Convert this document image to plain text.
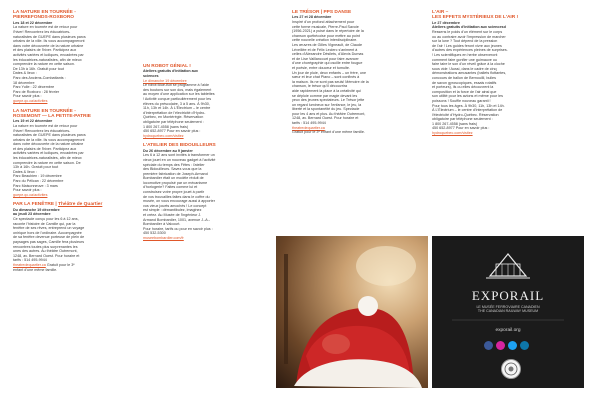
LA NATURE EN TOURNÉE -
PIERREFONDS-ROXBORO
Les 18 et 22 décembre
La nature en tournée est de retour pour
l'hiver! Rencontrez les éducatrices-
naturalistes de GUEPE dans plusieurs parcs
urbains de la ville. Ils vous accompagneront
dans votre découverte de la nature urbaine
et des plaisirs de l'hiver. Participez aux
activités variées et ludiques, encadrées par
les éducatrices-naturalistes, afin de mieux
comprendre la nature en cette saison.
De 13h à 16h. Gratuit pour tout
Dates & lieux :
Parc des Anciens-Combattants :
18 décembre
Parc Yulle : 22 décembre
Parc de Roxboro : 28 février
Pour savoir plus :
guepe.qc.ca/activites
LA NATURE EN TOURNÉE -
ROSEMONT — LA PETITE-PATRIE
Les 19 et 22 décembre
La nature en tournée est de retour pour
l'hiver! Rencontrez les éducatrices-
naturalistes de GUEPE dans plusieurs parcs
urbains de la ville. Ils vous accompagneront
dans votre découverte de la nature urbaine
et des plaisirs de l'hiver. Participez aux
activités variées et ludiques, encadrées par
les éducatrices-naturalistes, afin de mieux
comprendre la nature en cette saison. De
13h à 16h. Gratuit pour tout
Dates & lieux :
Parc Beaubien : 19 décembre
Parc du Pélican : 22 décembre
Parc Maisonneuve : 3 mars
Pour savoir plus :
guepe.qc.ca/activites
PAR LA FENÊTRE | Théâtre de Quartier
Du dimanche 19 décembre
au jeudi 23 décembre
Ce spectacle conçu pour les 6 à 12 ans,
raconte l'histoire de Camille qui, par la
fenêtre de ses rêves, entreprend un voyage
onirique hors de l'ordinaire. Accompagnée
de sa fenêtre devenue porteuse de plein de
paysages pas sages, Camille fera plusieurs
rencontres toutes plus surprenantes les
unes des autres. Au théâtre Outremont,
1248, av. Bernard Ouest. Pour horaire et
tarifs : 514 495-9944
theatredequartier.ca Gratuit pour le 3ᵉ
enfant d'une même famille.
UN ROBOT GÉNIAL !
Ateliers gratuits d'initiation aux
sciences
Le dimanche 19 décembre
Le robot Blue-Bot se programme à l'aide
des boutons sur son dos, mais également
au moyen d'une application sur les tablettes
! Activité conçue particulièrement pour les
élèves du préscolaire, 3 à 5 ans. À 9h30,
11h, 13h et 14h. À L'Électrium – le centre
d'interprétation de l'électricité d'Hydro-
Québec, en Montérégie. Réservation
obligatoire par téléphone seulement :
1 800 267-4558 (sans frais)
450 652-8977 Pour en savoir plus :
hydroquebec.com/visitez
L'ATELIER DES BIDOUILLEURS
Du 26 décembre au 9 janvier
Les 6 à 12 ans sont invités à transformer un
vieux jouet en un nouveau gadget à l'activité
spéciale du temps des Fêtes : l'atelier
des Bidouilleurs. Savez-vous que la
première fabrication de Joseph-Armand
Bombardier était un modèle réduit de
locomotive propulsé par un mécanisme
d'horlogerie? Faites comme lui et
construisez votre propre jouet à partir
de vos trouvailles faites dans le coffre du
musée, on vous encourage aussi à apporter
vos vieux jouets amochés ! Le concept
est simple : démantibulez, imaginez
et créez. Au Musée de l'ingénieur J.
Armand Bombardier, 1001, avenue J.-A.-
Bombardier à Valcourt.
Pour horaire, tarifs ou pour en savoir plus :
450 532-5300
museebombardier.com/fr
LE TRÉSOR | PPS DANSE
Les 27 et 28 décembre
Inspiré d'un profond attachement pour
cette forme musicale, Pierre-Paul Savoie
(1956-2021) a puisé dans le répertoire de la
chanson québécoise pour mettre au point
cette nouvelle création interdisciplinaire.
Les œuvres de Gilles Vigneault, de Claude
Léveillée et de Félix Leclerc s'animent à
celles d'Alexandre Désilets, d'Alexis Dumas
et de Lise Vaillancourt pour faire avancer
d'une chorégraphie qui oscille entre fougue
et poésie, entre douceur et tumulte.
Un jour de pluie, deux enfants – un frère, une
sœur et leur chat Piano – sont confinés à
la maison. Ils ne sont pas seuls! Mémoire de la
chanson, le trésor qu'il découvrira
aide rapidement la place à la créativité qui
se déploie comme par magie devant les
yeux des jeunes spectateurs. Le Trésor jette
un regard lumineux sur l'enfance, le jeu, la
liberté et la spontanéité du jeu. Spectacle
pour les 4 ans et plus. Au théâtre Outremont,
1248, av. Bernard Ouest. Pour horaire et
tarifs : 514 495-9944
theatredequartier.ca
Gratuit pour le 3ᵉ enfant d'une même famille.
L'AIR –
LES EFFETS MYSTÉRIEUX DE L'AIR !
Le 27 décembre
Ateliers gratuits d'initiation aux sciencesd
Ressens le poids d'un élément sur le corps
ou au contraire avoir l'impression de marcher
sur la lune ? Tout dépend de la pression
de l'air ! Les guides feront vivre aux jeunes
d'autres des expériences pleines de surprises.
! Les scientifiques en herbe observeront
comment faire gonfler une guimauve ou
faire taire le son d'un réveil grâce à la cloche
sous vide ! Aussi, dans le cadre de cinq
démonstrations amusantes (ballets flottantes,
concours de ballon de Bernouilli, bulles
de savon gyroscopiques, essais rotatifs
et porteurs), ils ou elles découvrent la
composition et la force de l'air ainsi que
son utilité pour les avions et même pour les
poissons ! Souffle nouveau garanti !
Pour tous les âges. À 9h30, 11h, 13h et 14h.
À L'Électrium – le centre d'interprétation de
l'électricité d'Hydro-Québec. Réservation
obligatoire par téléphone seulement :
1 800 267-4558 (sans frais)
450 652-8977 Pour en savoir plus :
hydroquebec.com/visitez
EXPORAIL
LE MUSÉE FERROVIAIRE CANADIEN
THE CANADIAN RAILWAY MUSEUM
exporail.org
